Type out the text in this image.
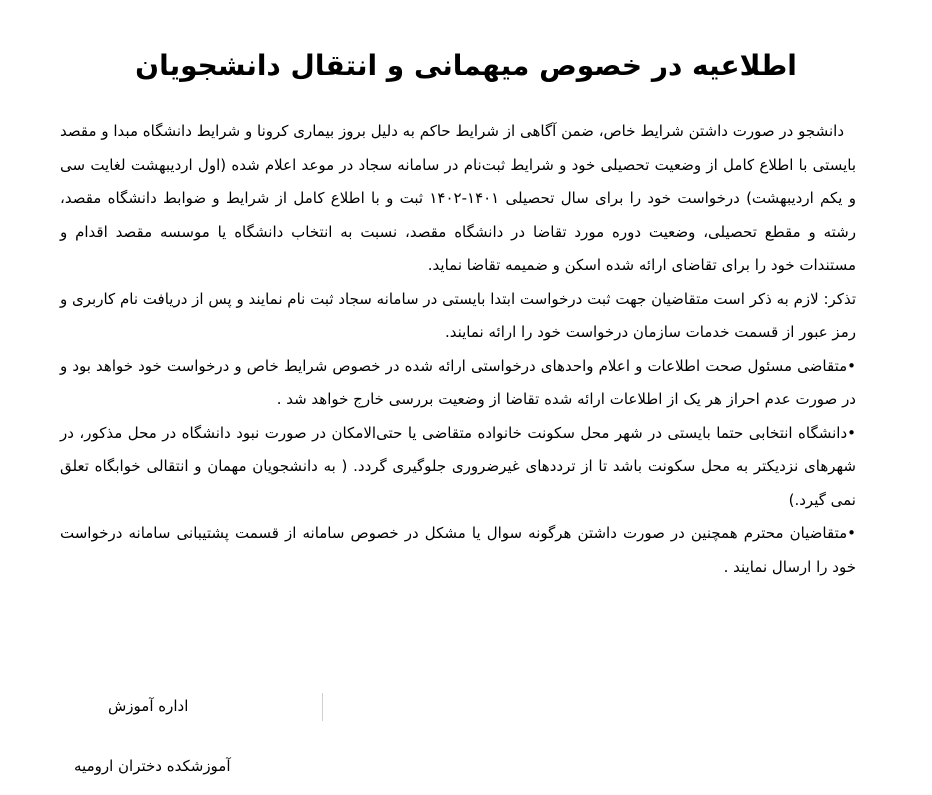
اطلاعیه در خصوص میهمانی و انتقال دانشجویان

دانشجو در صورت داشتن شرایط خاص، ضمن آگاهی از شرایط حاکم به دلیل بروز بیماری کرونا و شرایط دانشگاه مبدا و مقصد بایستی با اطلاع کامل از وضعیت تحصیلی خود و شرایط ثبت‌نام در سامانه سجاد در موعد اعلام شده (اول اردیبهشت لغایت سی و یکم اردیبهشت) درخواست خود را برای سال تحصیلی ۱۴۰۱-۱۴۰۲ ثبت و با اطلاع کامل از شرایط و ضوابط دانشگاه مقصد، رشته و مقطع تحصیلی، وضعیت دوره مورد تقاضا در دانشگاه مقصد، نسبت به انتخاب دانشگاه یا موسسه مقصد اقدام و مستندات خود را برای تقاضای ارائه شده اسکن و ضمیمه تقاضا نماید.

تذکر: لازم به ذکر است متقاضیان جهت ثبت درخواست ابتدا بایستی در سامانه سجاد ثبت نام نمایند و پس از دریافت نام کاربری و رمز عبور از قسمت خدمات سازمان درخواست خود را ارائه نمایند.

•متقاضی مسئول صحت اطلاعات و اعلام واحدهای درخواستی ارائه شده در خصوص شرایط خاص و درخواست خود خواهد بود و در صورت عدم احراز هر یک از اطلاعات ارائه شده تقاضا از وضعیت بررسی خارج خواهد شد .

•دانشگاه انتخابی حتما بایستی در شهر محل سکونت خانواده متقاضی یا حتی‌الامکان در صورت نبود دانشگاه در محل مذکور، در شهرهای نزدیکتر به محل سکونت باشد تا از ترددهای غیرضروری جلوگیری گردد. ( به دانشجویان مهمان و انتقالی خوابگاه تعلق نمی گیرد.)

•متقاضیان محترم همچنین در صورت داشتن هرگونه سوال یا مشکل در خصوص سامانه از قسمت پشتیبانی سامانه درخواست خود را ارسال نمایند .

اداره آموزش
آموزشکده دختران ارومیه
